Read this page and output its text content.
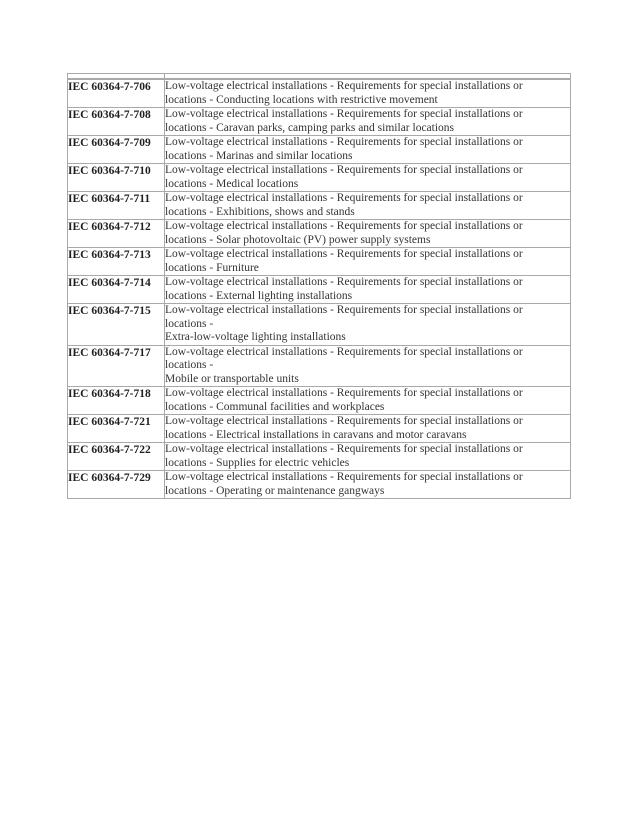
IEC 60364-7-706	Low-voltage electrical installations - Requirements for special installations or
locations - Conducting locations with restrictive movement

IEC 60364-7-708	Low-voltage electrical installations - Requirements for special installations or
locations - Caravan parks, camping parks and similar locations

IEC 60364-7-709	Low-voltage electrical installations - Requirements for special installations or
locations - Marinas and similar locations

IEC 60364-7-710	Low-voltage electrical installations - Requirements for special installations or
locations - Medical locations

IEC 60364-7-711	Low-voltage electrical installations - Requirements for special installations or
locations - Exhibitions, shows and stands

IEC 60364-7-712	Low-voltage electrical installations - Requirements for special installations or
locations - Solar photovoltaic (PV) power supply systems

IEC 60364-7-713	Low-voltage electrical installations - Requirements for special installations or
locations - Furniture

IEC 60364-7-714	Low-voltage electrical installations - Requirements for special installations or
locations - External lighting installations

IEC 60364-7-715	Low-voltage electrical installations - Requirements for special installations or
locations -
Extra-low-voltage lighting installations

IEC 60364-7-717	Low-voltage electrical installations - Requirements for special installations or
locations -
Mobile or transportable units

IEC 60364-7-718	Low-voltage electrical installations - Requirements for special installations or
locations - Communal facilities and workplaces

IEC 60364-7-721	Low-voltage electrical installations - Requirements for special installations or
locations - Electrical installations in caravans and motor caravans

IEC 60364-7-722	Low-voltage electrical installations - Requirements for special installations or
locations - Supplies for electric vehicles

IEC 60364-7-729	Low-voltage electrical installations - Requirements for special installations or
locations - Operating or maintenance gangways
